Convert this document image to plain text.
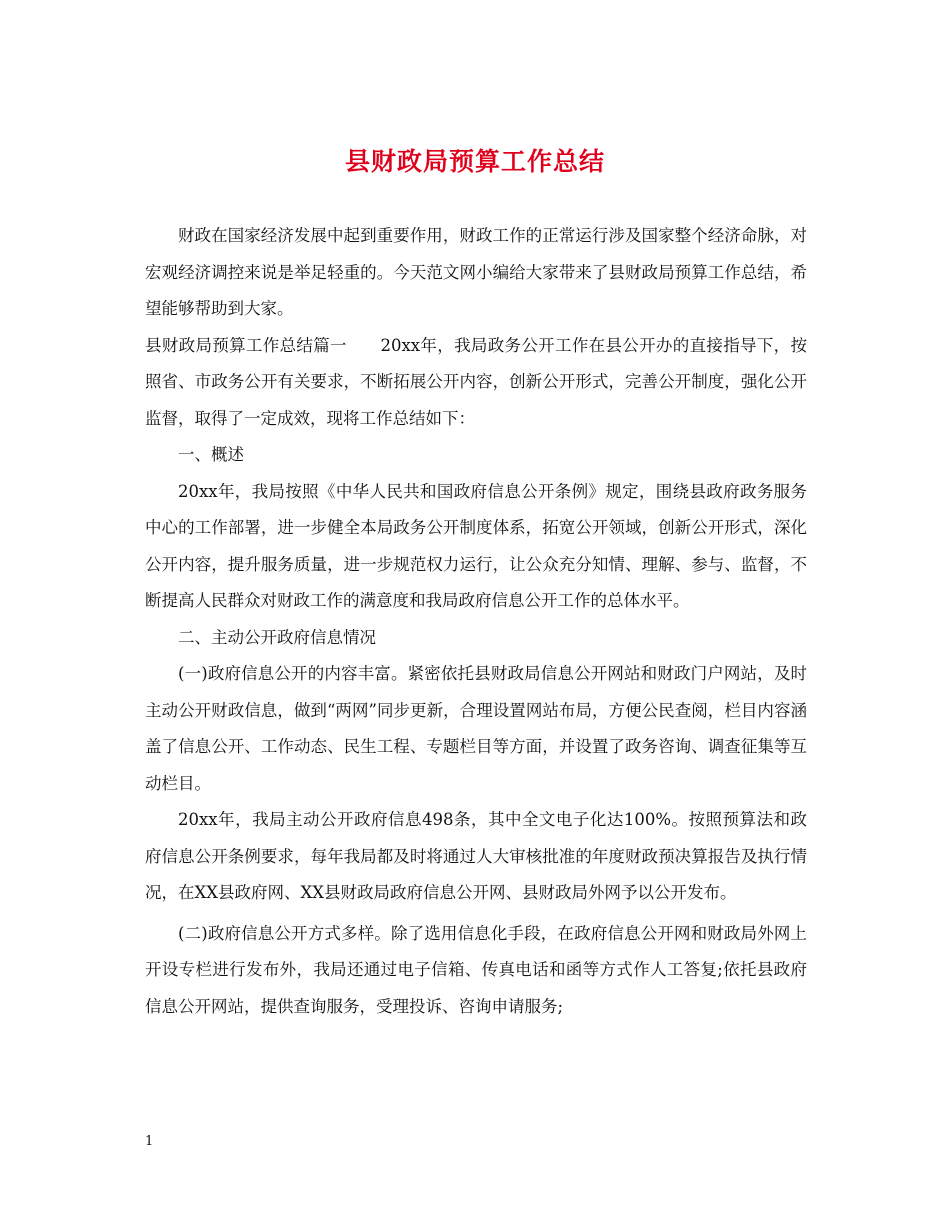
县财政局预算工作总结

财政在国家经济发展中起到重要作用，财政工作的正常运行涉及国家整个经济命脉，对宏观经济调控来说是举足轻重的。今天范文网小编给大家带来了县财政局预算工作总结，希望能够帮助到大家。

县财政局预算工作总结篇一　　20xx年，我局政务公开工作在县公开办的直接指导下，按照省、市政务公开有关要求，不断拓展公开内容，创新公开形式，完善公开制度，强化公开监督，取得了一定成效，现将工作总结如下：

一、概述

20xx年，我局按照《中华人民共和国政府信息公开条例》规定，围绕县政府政务服务中心的工作部署，进一步健全本局政务公开制度体系，拓宽公开领域，创新公开形式，深化公开内容，提升服务质量，进一步规范权力运行，让公众充分知情、理解、参与、监督，不断提高人民群众对财政工作的满意度和我局政府信息公开工作的总体水平。

二、主动公开政府信息情况

(一)政府信息公开的内容丰富。紧密依托县财政局信息公开网站和财政门户网站，及时主动公开财政信息，做到“两网”同步更新，合理设置网站布局，方便公民查阅，栏目内容涵盖了信息公开、工作动态、民生工程、专题栏目等方面，并设置了政务咨询、调查征集等互动栏目。

20xx年，我局主动公开政府信息498条，其中全文电子化达100%。按照预算法和政府信息公开条例要求，每年我局都及时将通过人大审核批准的年度财政预决算报告及执行情况，在XX县政府网、XX县财政局政府信息公开网、县财政局外网予以公开发布。

(二)政府信息公开方式多样。除了选用信息化手段，在政府信息公开网和财政局外网上开设专栏进行发布外，我局还通过电子信箱、传真电话和函等方式作人工答复;依托县政府信息公开网站，提供查询服务，受理投诉、咨询申请服务;

1
